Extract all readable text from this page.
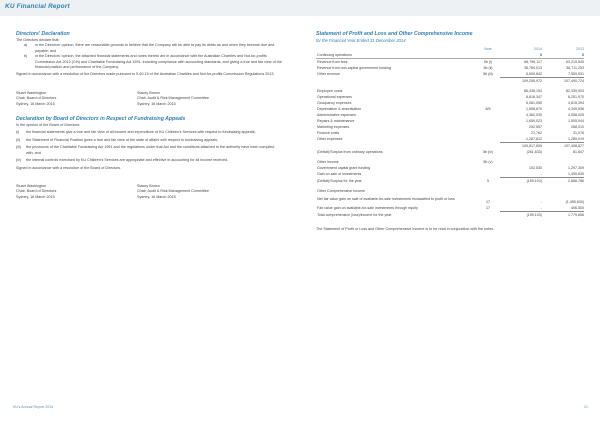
KU Financial Report
Directors' Declaration
The Directors declare that:
a)	in the Directors' opinion, there are reasonable grounds to believe that the Company will be able to pay its debts as and when they become due and payable; and
b)	in the Directors' opinion, the attached financial statements and notes thereto are in accordance with the Australian Charities and Not-for-profits Commission Act 2012 (Cth) and Charitable Fundraising Act 1991, including compliance with accounting standards, and giving a true and fair view of the financial position and performance of the Company.
Signed in accordance with a resolution of the Directors made pursuant to S.60.15 of the Australian Charities and Not-for-profits Commission Regulations 2013.
Stuart Washington
Chair, Board of Directors
Sydney, 16 March 2015
Stacey Brown
Chair, Audit & Risk Management Committee
Sydney, 16 March 2015
Declaration by Board of Directors in Respect of Fundraising Appeals
In the opinion of the Board of Directors:
(i)	the financial statements give a true and fair view of all income and expenditure of KU Children's Services with respect to fundraising appeals;
(ii)	the Statement of Financial Position gives a true and fair view of the state of affairs with respect to fundraising appeals;
(iii)	the provisions of the Charitable Fundraising Act 1991 and the regulations under that Act and the conditions attached to the authority have been complied with; and
(iv)	the internal controls exercised by KU Children's Services are appropriate and effective in accounting for all income received.
Signed in accordance with a resolution of the Board of Directors.
Stuart Washington
Chair, Board of Directors
Sydney, 16 March 2015
Stacey Brown
Chair, Audit & Risk Management Committee
Sydney, 16 March 2015
Statement of Profit and Loss and Other Comprehensive Income
for the Financial Year Ended 31 December 2014
	Note	2014	2013
Continuing operations		$	$
Revenue from fees	5b (i)	66,796,117	63,219,540
Revenue from non-capital government funding	5b (ii)	36,769,013	36,711,253
Other revenue	5b (iii)	5,690,842	7,559,931
		109,255,972	107,490,724

Employee costs		86,438,154	82,339,903
Operational expenses		8,816,347	8,251,970
Occupancy expenses		5,081,050	4,815,394
Depreciation & amortisation	8/9	1,558,670	4,349,536
Administrative expenses		4,362,030	4,558,025
Repairs & maintenance		1,659,023	1,505,944
Marketing expenses		292,557	268,010
Finance costs		21,762	31,076
Other expenses		1,287,812	1,289,019
		109,517,605	107,408,877
(Deficit)/Surplus from ordinary operations	5b (iv)	(261,633)	81,847

Other Income	5b (v)		
Government capital grant funding		102,530	1,297,309
Gain on sale of investments		-	1,495,630
(Deficit)/Surplus for the year	5	(159,103)	2,868,786

Other Comprehensive Income			
Net fair value gain on sale of available-for-sale investments reclassified to profit or loss	17	-	(1,495,630)
Fair value gain on available-for-sale investments through equity	17	-	406,500
Total comprehensive (loss)/income for the year		(159,103)	1,779,656
The Statement of Profit or Loss and Other Comprehensive Income is to be read in conjunction with the notes.
KU's Annual Report 2014	21
